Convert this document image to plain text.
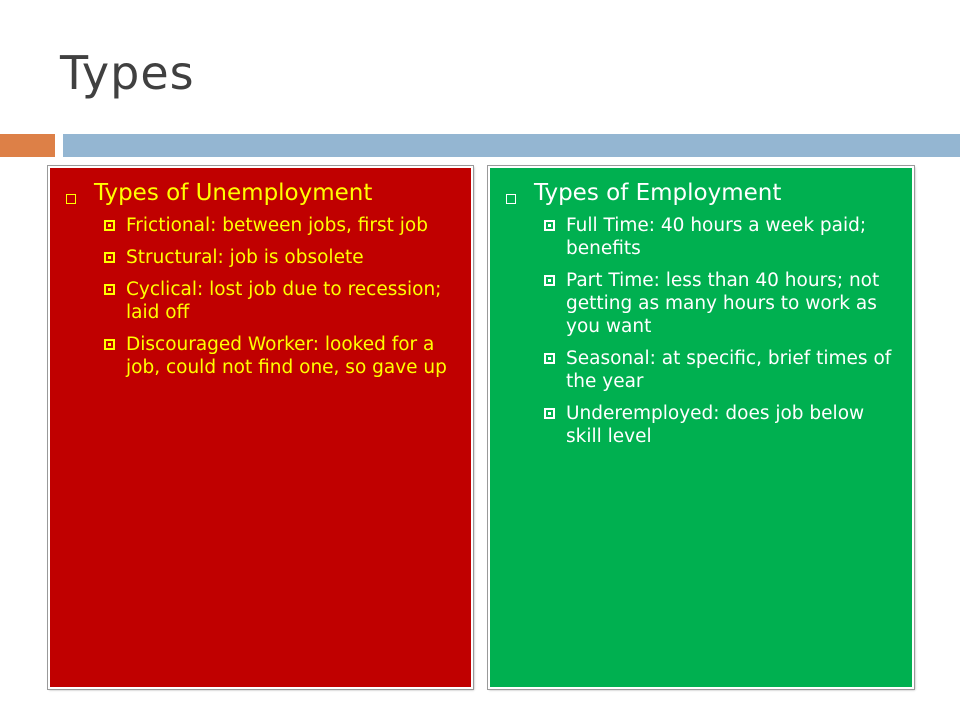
Types
Types of Unemployment
Frictional: between jobs, first job
Structural: job is obsolete
Cyclical: lost job due to recession; laid off
Discouraged Worker: looked for a job, could not find one, so gave up
Types of Employment
Full Time: 40 hours a week paid; benefits
Part Time: less than 40 hours; not getting as many hours to work as you want
Seasonal: at specific, brief times of the year
Underemployed: does job below skill level
